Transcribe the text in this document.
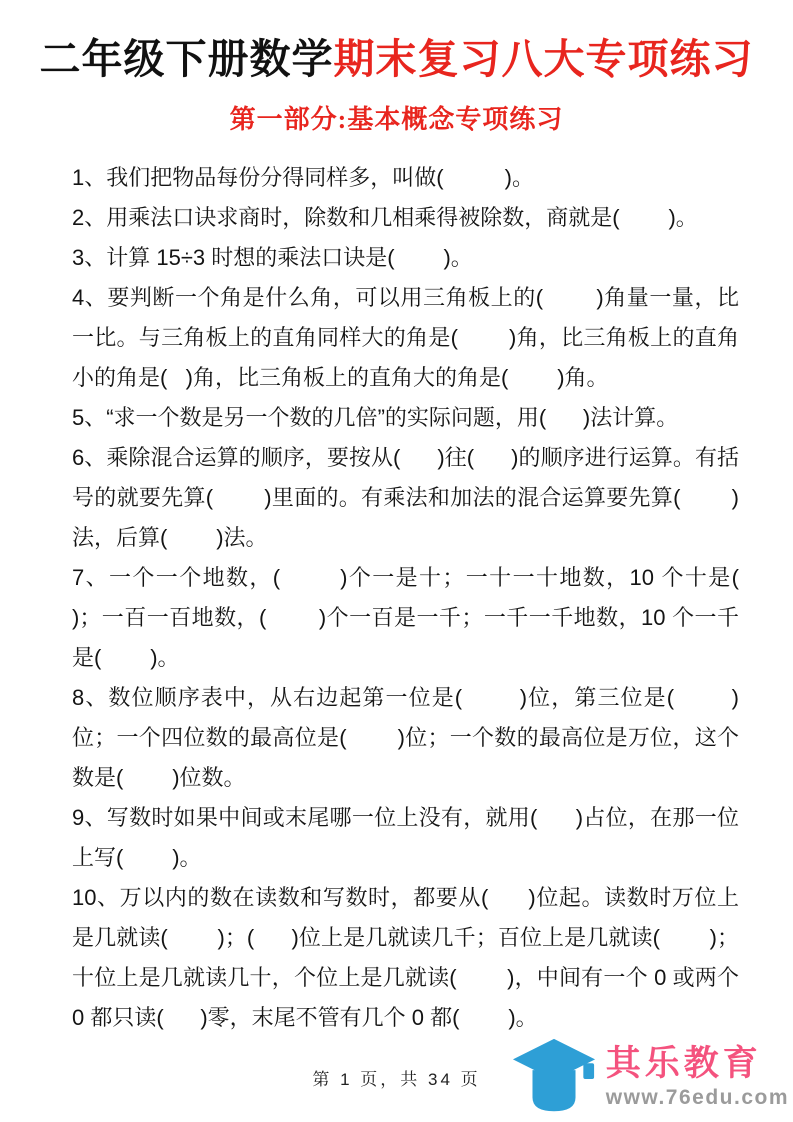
二年级下册数学期末复习八大专项练习
第一部分:基本概念专项练习

1、我们把物品每份分得同样多，叫做(          )。

2、用乘法口诀求商时，除数和几相乘得被除数，商就是(        )。

3、计算 15÷3 时想的乘法口诀是(        )。

4、要判断一个角是什么角，可以用三角板上的(        )角量一量，比一比。与三角板上的直角同样大的角是(        )角，比三角板上的直角小的角是(   )角，比三角板上的直角大的角是(        )角。

5、“求一个数是另一个数的几倍”的实际问题，用(      )法计算。

6、乘除混合运算的顺序，要按从(      )往(      )的顺序进行运算。有括号的就要先算(        )里面的。有乘法和加法的混合运算要先算(        )法，后算(        )法。

7、一个一个地数，(        )个一是十；一十一十地数，10 个十是(        )；一百一百地数，(        )个一百是一千；一千一千地数，10 个一千是(        )。

8、数位顺序表中，从右边起第一位是(        )位，第三位是(        )位；一个四位数的最高位是(        )位；一个数的最高位是万位，这个数是(        )位数。

9、写数时如果中间或末尾哪一位上没有，就用(      )占位，在那一位上写(        )。

10、万以内的数在读数和写数时，都要从(      )位起。读数时万位上是几就读(        )；(      )位上是几就读几千；百位上是几就读(        )；十位上是几就读几十，个位上是几就读(        )，中间有一个 0 或两个 0 都只读(      )零，末尾不管有几个 0 都(        )。

第 1 页，共 34 页	其乐教育
www.76edu.com
